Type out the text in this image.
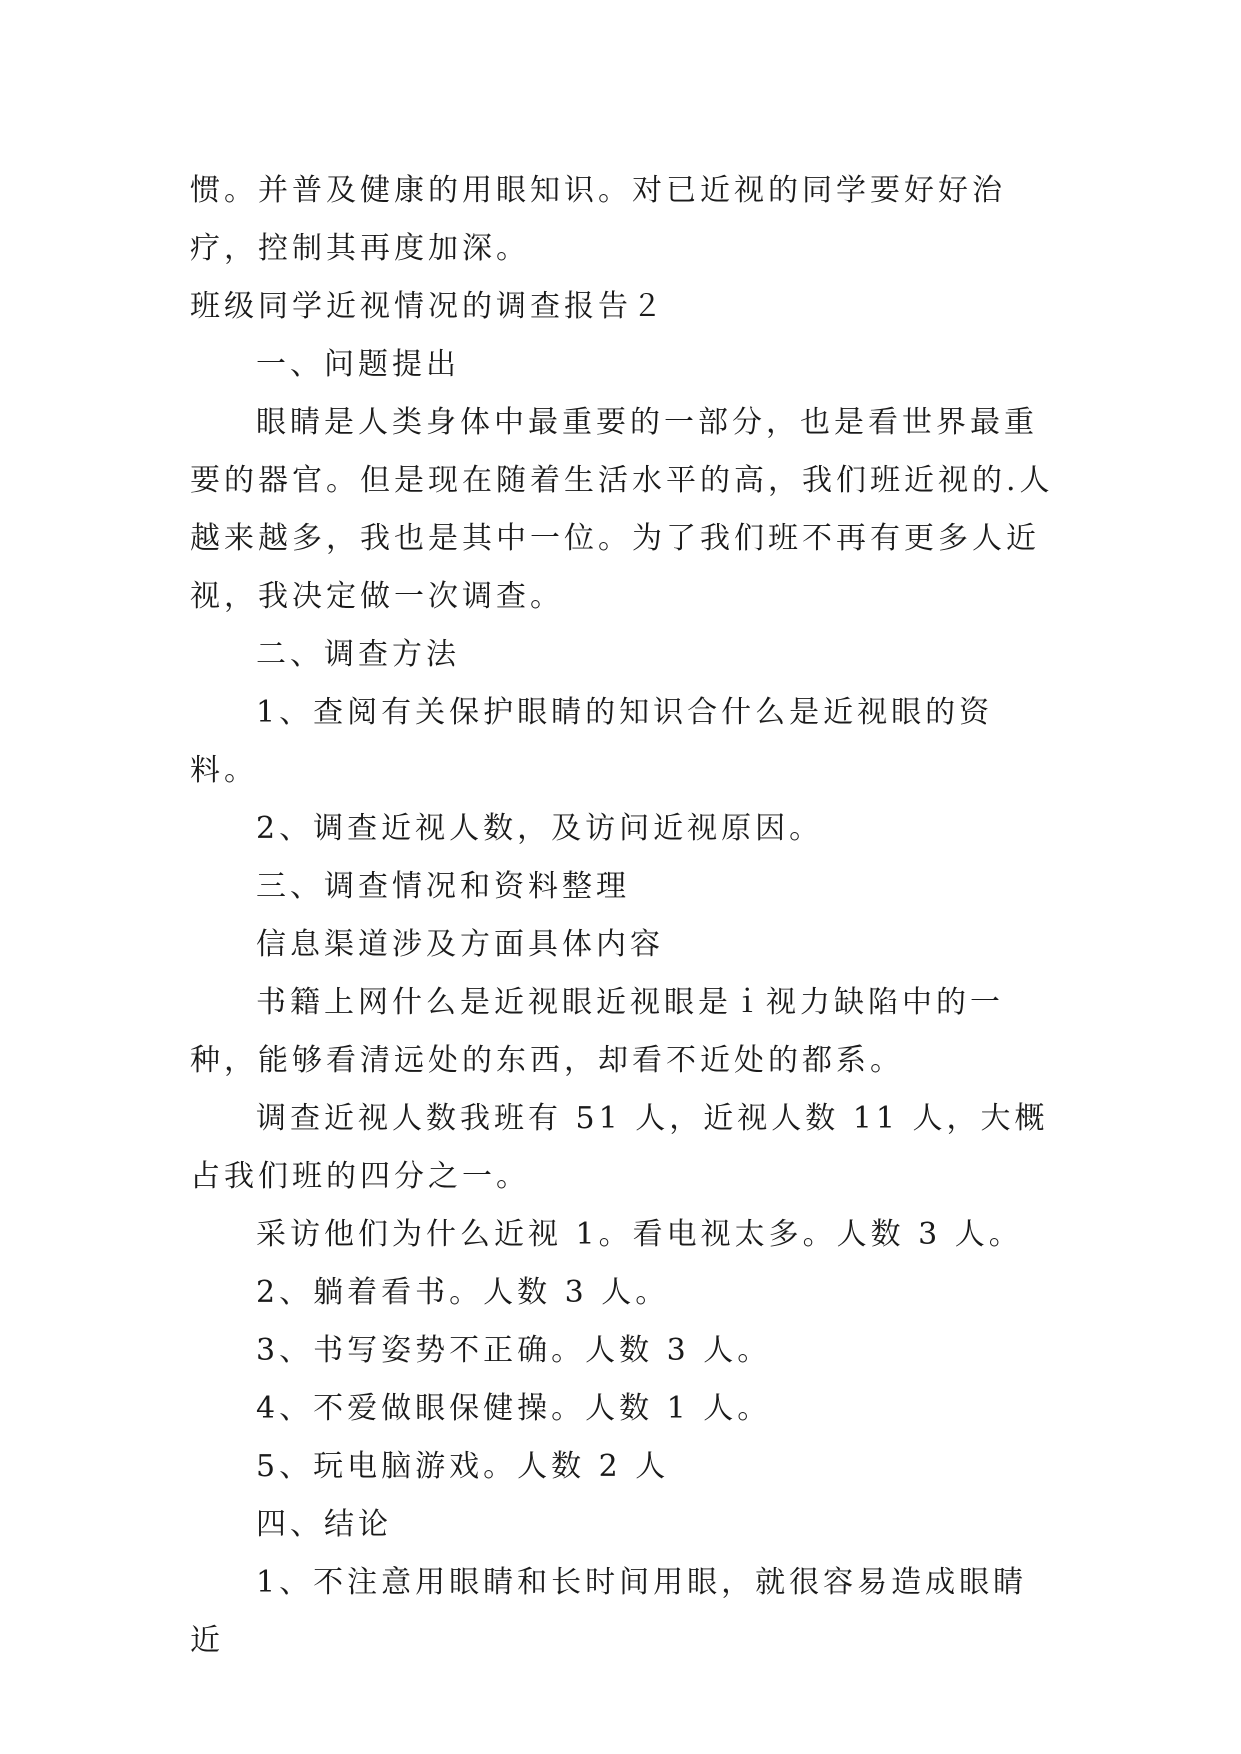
惯。并普及健康的用眼知识。对已近视的同学要好好治疗，控制其再度加深。

班级同学近视情况的调查报告２

一、问题提出

眼睛是人类身体中最重要的一部分，也是看世界最重要的器官。但是现在随着生活水平的高，我们班近视的.人越来越多，我也是其中一位。为了我们班不再有更多人近视，我决定做一次调查。

二、调查方法

1、查阅有关保护眼睛的知识合什么是近视眼的资料。

2、调查近视人数，及访问近视原因。

三、调查情况和资料整理

信息渠道涉及方面具体内容

书籍上网什么是近视眼近视眼是ｉ视力缺陷中的一种，能够看清远处的东西，却看不近处的都系。

调查近视人数我班有 51 人，近视人数 11 人，大概占我们班的四分之一。

采访他们为什么近视 1。看电视太多。人数 3 人。

2、躺着看书。人数 3 人。

3、书写姿势不正确。人数 3 人。

4、不爱做眼保健操。人数 1 人。

5、玩电脑游戏。人数 2 人

四、结论

1、不注意用眼睛和长时间用眼，就很容易造成眼睛近
